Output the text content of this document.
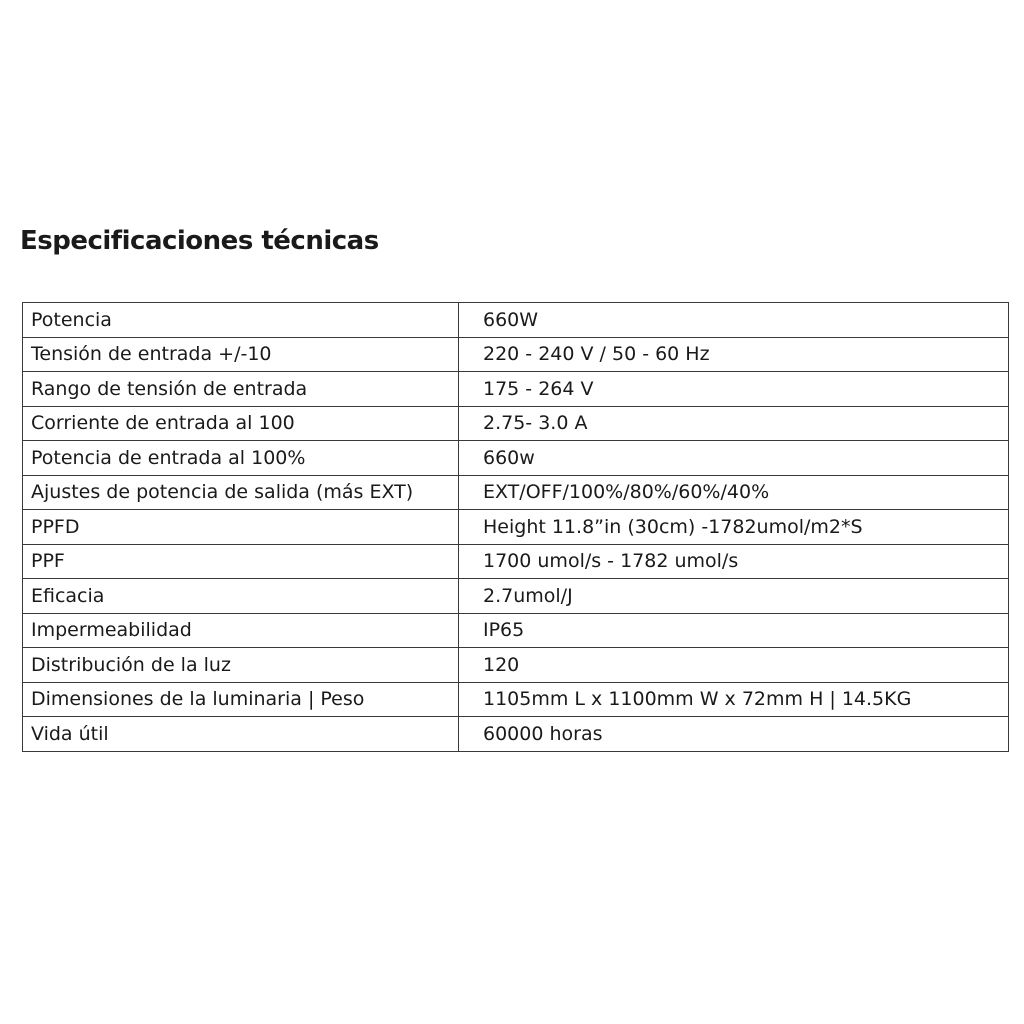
Especificaciones técnicas
Potencia	660W
Tensión de entrada +/-10	220 - 240 V / 50 - 60 Hz
Rango de tensión de entrada	175 - 264 V
Corriente de entrada al 100	2.75- 3.0 A
Potencia de entrada al 100%	660w
Ajustes de potencia de salida (más EXT)	EXT/OFF/100%/80%/60%/40%
PPFD	Height 11.8”in (30cm) -1782umol/m2*S
PPF	1700 umol/s - 1782 umol/s
Eficacia	2.7umol/J
Impermeabilidad	IP65
Distribución de la luz	120
Dimensiones de la luminaria | Peso	1105mm L x 1100mm W x 72mm H | 14.5KG
Vida útil	60000 horas
